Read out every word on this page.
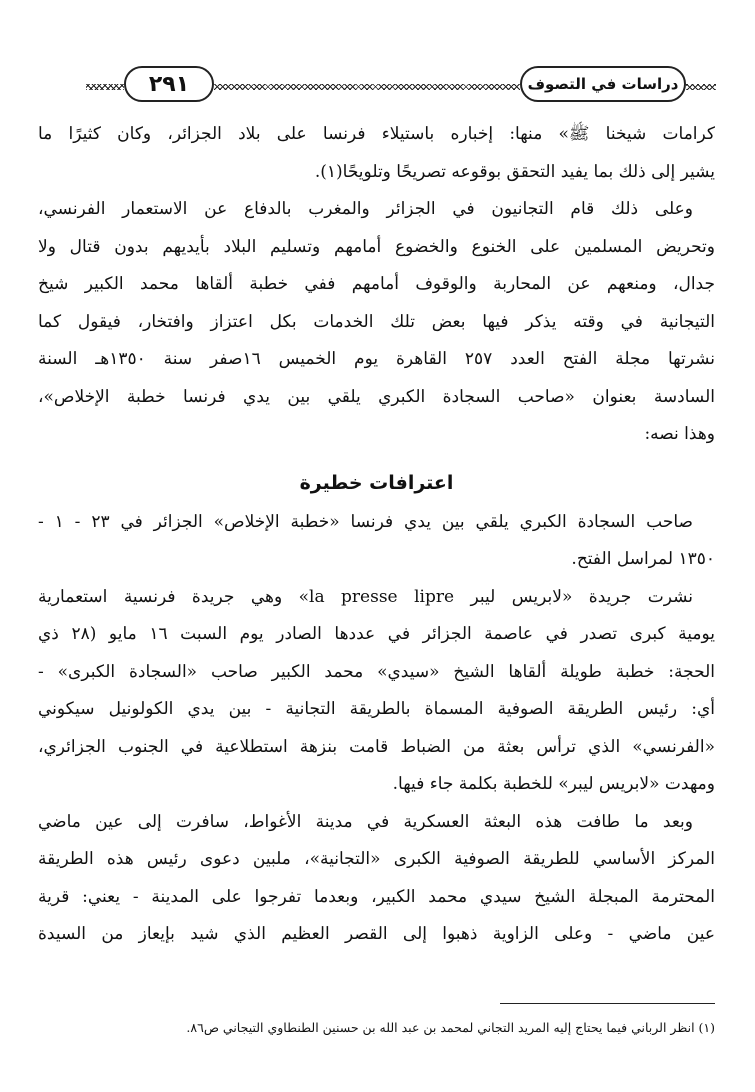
٢٩١	دراسات في التصوف

كرامات شيخنا ﷺ» منها: إخباره باستيلاء فرنسا على بلاد الجزائر، وكان كثيرًا ما

يشير إلى ذلك بما يفيد التحقق بوقوعه تصريحًا وتلويحًا(١).

وعلى ذلك قام التجانيون في الجزائر والمغرب بالدفاع عن الاستعمار الفرنسي،

وتحريض المسلمين على الخنوع والخضوع أمامهم وتسليم البلاد بأيديهم بدون قتال ولا

جدال، ومنعهم عن المحاربة والوقوف أمامهم ففي خطبة ألقاها محمد الكبير شيخ

التيجانية في وقته يذكر فيها بعض تلك الخدمات بكل اعتزاز وافتخار، فيقول كما

نشرتها مجلة الفتح العدد ٢٥٧ القاهرة يوم الخميس ١٦صفر سنة ١٣٥٠هـ السنة

السادسة بعنوان «صاحب السجادة الكبري يلقي بين يدي فرنسا خطبة الإخلاص»،

وهذا نصه:

اعترافات خطيرة

صاحب السجادة الكبري يلقي بين يدي فرنسا «خطبة الإخلاص» الجزائر في ٢٣ - ١ -

١٣٥٠ لمراسل الفتح.

نشرت جريدة «لابريس ليبر la presse lipre» وهي جريدة فرنسية استعمارية

يومية كبرى تصدر في عاصمة الجزائر في عددها الصادر يوم السبت ١٦ مايو (٢٨ ذي

الحجة: خطبة طويلة ألقاها الشيخ «سيدي» محمد الكبير صاحب «السجادة الكبرى» -

أي: رئيس الطريقة الصوفية المسماة بالطريقة التجانية - بين يدي الكولونيل سيكوني

«الفرنسي» الذي ترأس بعثة من الضباط قامت بنزهة استطلاعية في الجنوب الجزائري،

ومهدت «لابريس ليبر» للخطبة بكلمة جاء فيها.

وبعد ما طافت هذه البعثة العسكرية في مدينة الأغواط، سافرت إلى عين ماضي

المركز الأساسي للطريقة الصوفية الكبرى «التجانية»، ملبين دعوى رئيس هذه الطريقة

المحترمة المبجلة الشيخ سيدي محمد الكبير، وبعدما تفرجوا على المدينة - يعني: قرية

عين ماضي - وعلى الزاوية ذهبوا إلى القصر العظيم الذي شيد بإيعاز من السيدة

(١) انظر الرباني فيما يحتاج إليه المريد التجاني لمحمد بن عبد الله بن حسنين الطنطاوي التيجاني ص٨٦.
